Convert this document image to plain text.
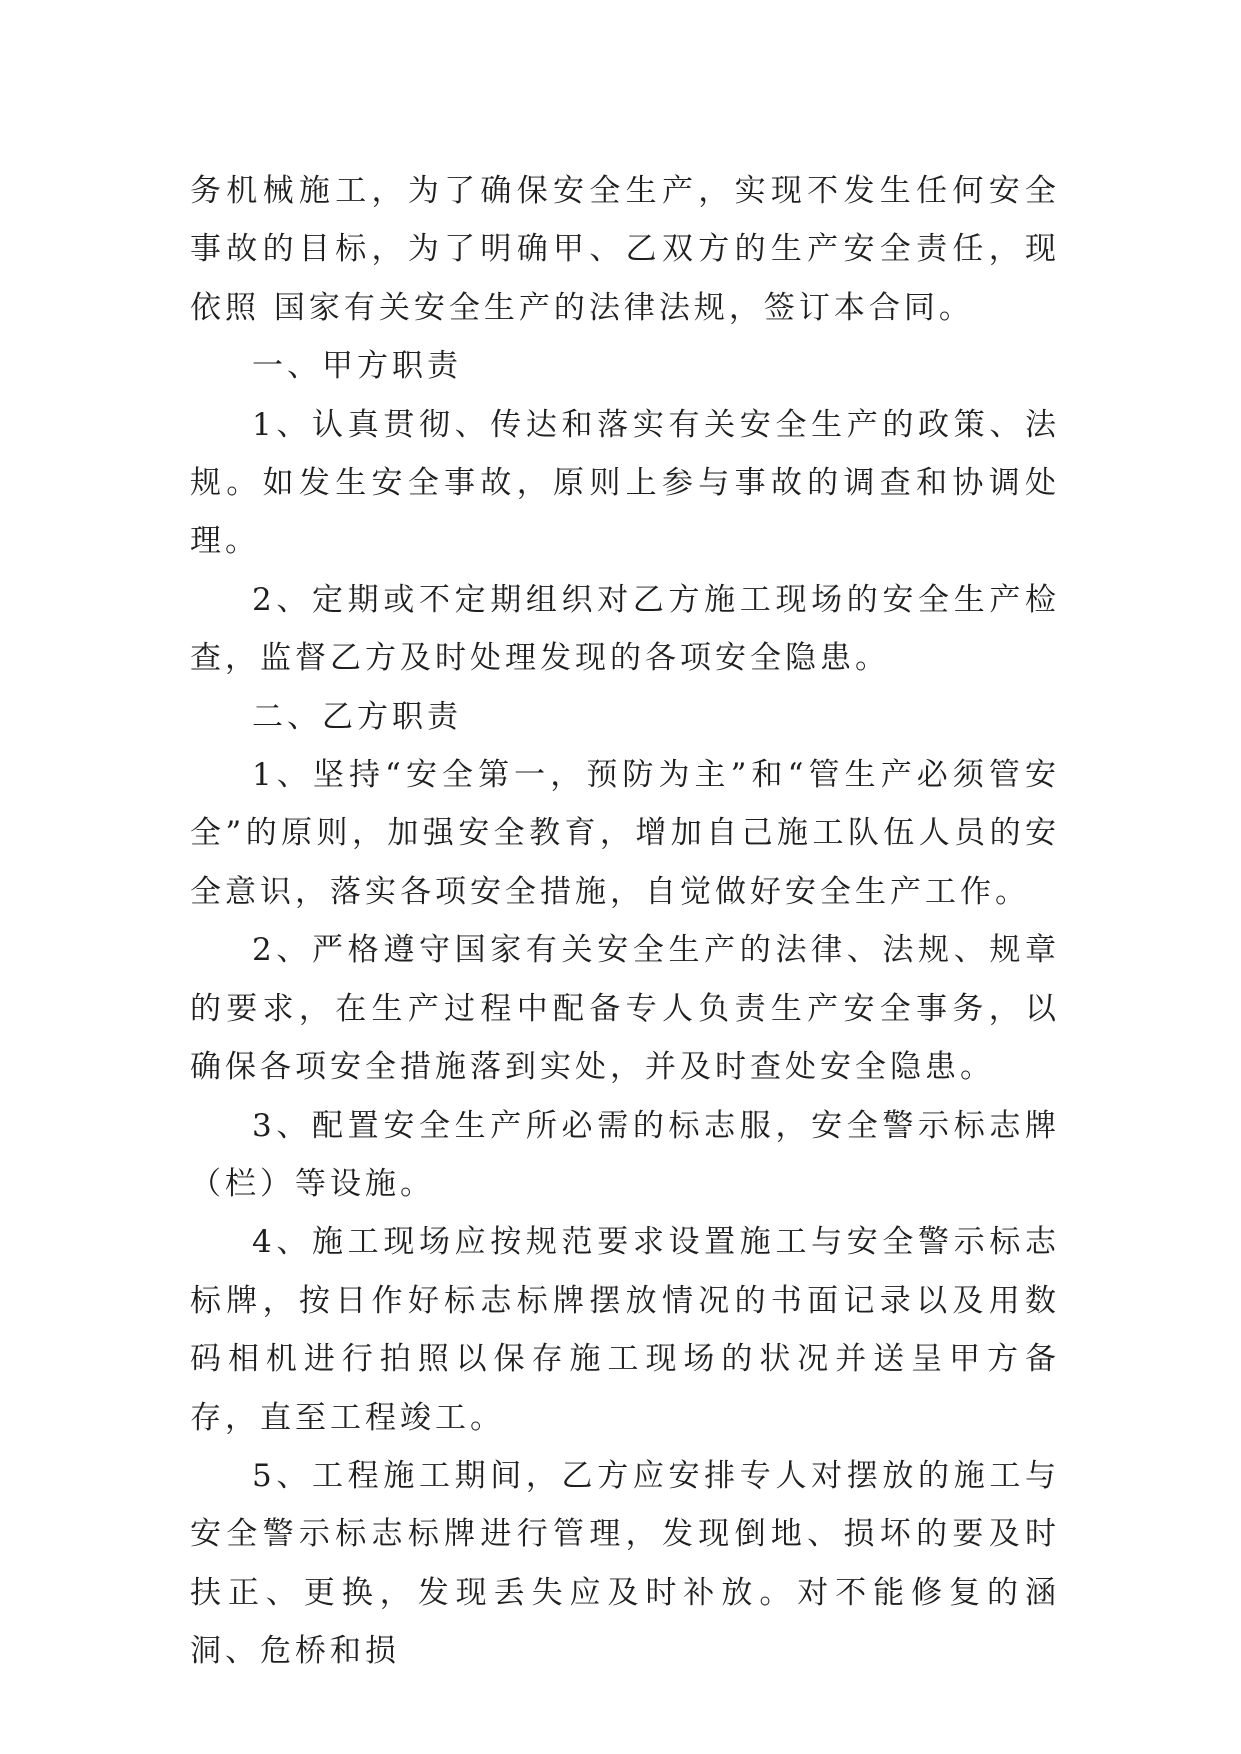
务机械施工，为了确保安全生产，实现不发生任何安全事故的目标，为了明确甲、乙双方的生产安全责任，现依照 国家有关安全生产的法律法规，签订本合同。

一、甲方职责

1、认真贯彻、传达和落实有关安全生产的政策、法规。如发生安全事故，原则上参与事故的调查和协调处理。

2、定期或不定期组织对乙方施工现场的安全生产检查，监督乙方及时处理发现的各项安全隐患。

二、乙方职责

1、坚持“安全第一，预防为主”和“管生产必须管安全”的原则，加强安全教育，增加自己施工队伍人员的安全意识，落实各项安全措施，自觉做好安全生产工作。

2、严格遵守国家有关安全生产的法律、法规、规章的要求，在生产过程中配备专人负责生产安全事务，以确保各项安全措施落到实处，并及时查处安全隐患。

3、配置安全生产所必需的标志服，安全警示标志牌（栏）等设施。

4、施工现场应按规范要求设置施工与安全警示标志标牌，按日作好标志标牌摆放情况的书面记录以及用数码相机进行拍照以保存施工现场的状况并送呈甲方备存，直至工程竣工。

5、工程施工期间，乙方应安排专人对摆放的施工与安全警示标志标牌进行管理，发现倒地、损坏的要及时扶正、更换，发现丢失应及时补放。对不能修复的涵洞、危桥和损
